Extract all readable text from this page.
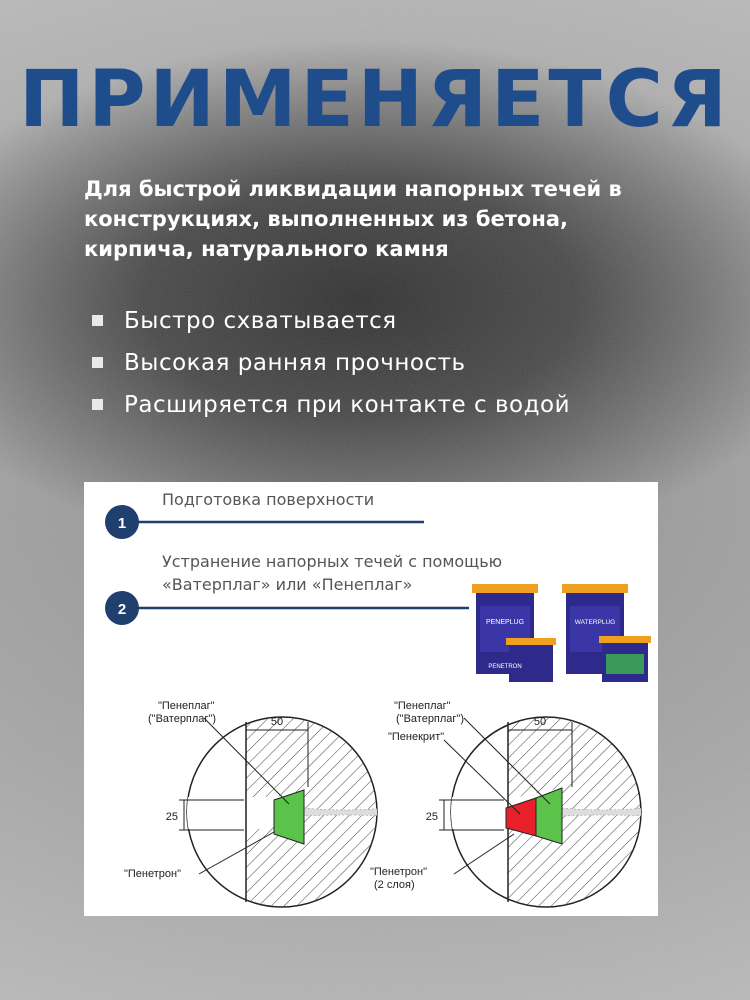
ПРИМЕНЯЕТСЯ
Для быстрой ликвидации напорных течей в
конструкциях, выполненных из бетона,
кирпича, натурального камня
Быстро схватывается
Высокая ранняя прочность
Расширяется при контакте с водой
1
2
PENEPLUG	WATERPLUG
PENETRON
50
25
"Пенеплаг"
("Ватерплаг")
"Пенетрон"
50
25
"Пенеплаг"
("Ватерплаг")
"Пенекрит"
"Пенетрон"
(2 слоя)
Подготовка поверхности
Устранение напорных течей с помощью
«Ватерплаг» или «Пенеплаг»
